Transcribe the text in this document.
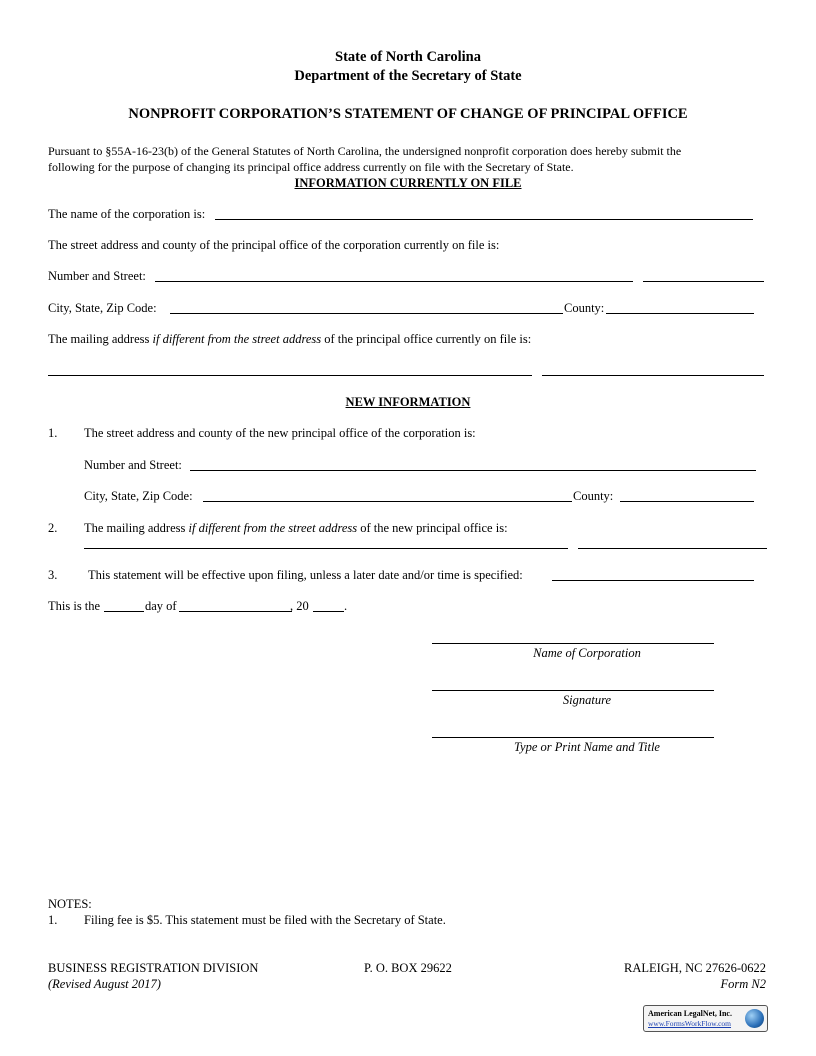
State of North Carolina
Department of the Secretary of State
NONPROFIT CORPORATION’S STATEMENT OF CHANGE OF PRINCIPAL OFFICE
Pursuant to §55A-16-23(b) of the General Statutes of North Carolina, the undersigned nonprofit corporation does hereby submit the
following for the purpose of changing its principal office address currently on file with the Secretary of State.
INFORMATION CURRENTLY ON FILE
The name of the corporation is:
The street address and county of the principal office of the corporation currently on file is:
Number and Street:
City, State, Zip Code:	County:
The mailing address if different from the street address of the principal office currently on file is:
NEW INFORMATION
1. The street address and county of the new principal office of the corporation is:
Number and Street:
City, State, Zip Code:	County:
2. The mailing address if different from the street address of the new principal office is:
3. This statement will be effective upon filing, unless a later date and/or time is specified:
This is the	day of	, 20	.
Name of Corporation
Signature
Type or Print Name and Title
NOTES:
1. Filing fee is $5. This statement must be filed with the Secretary of State.
BUSINESS REGISTRATION DIVISION	P. O. BOX 29622	RALEIGH, NC 27626-0622
(Revised August 2017)	Form N2
American LegalNet, Inc.
www.FormsWorkFlow.com
